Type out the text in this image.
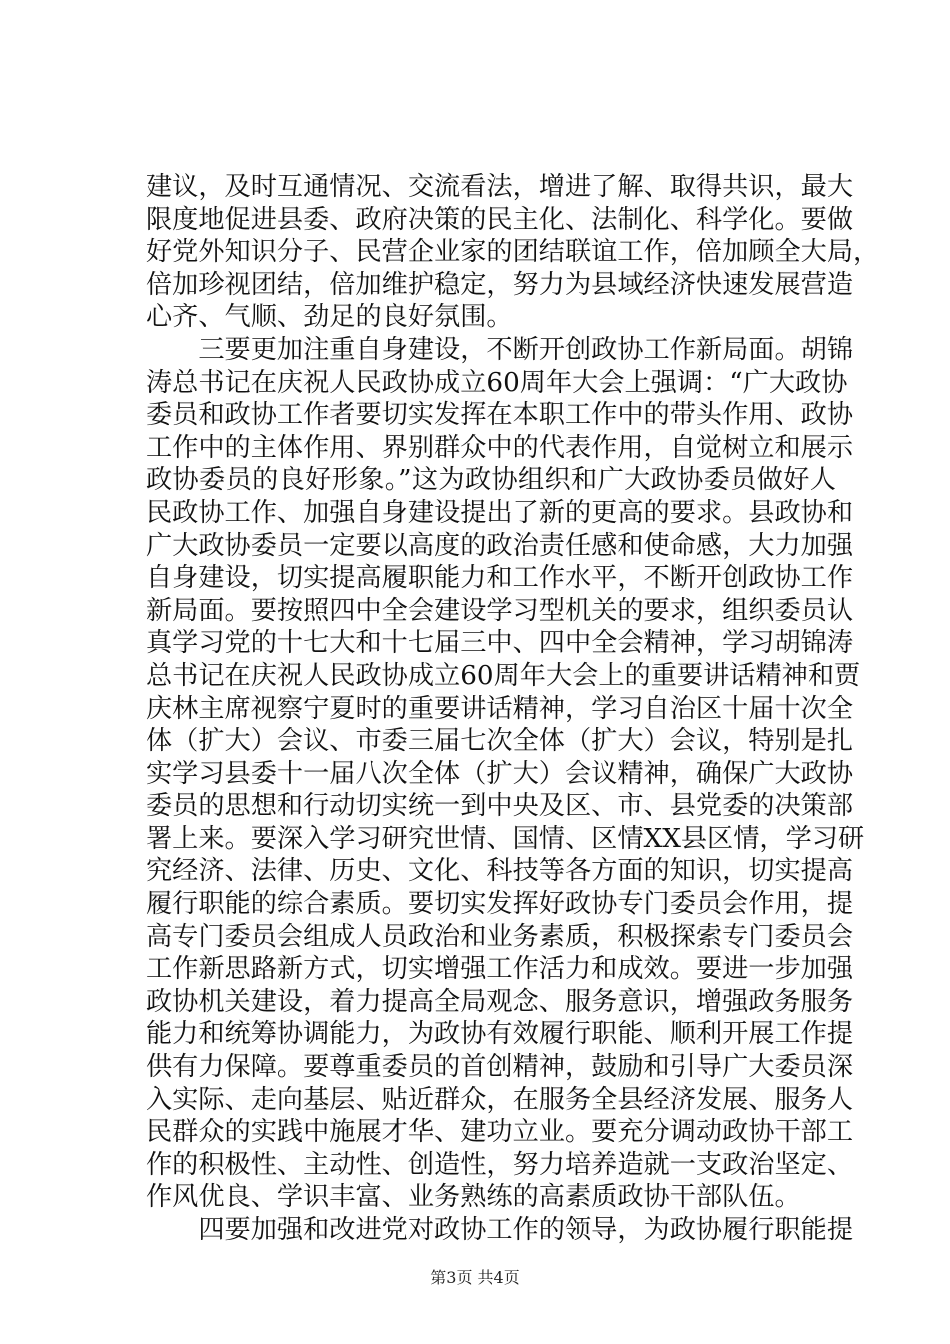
建议，及时互通情况、交流看法，增进了解、取得共识，最大
限度地促进县委、政府决策的民主化、法制化、科学化。要做
好党外知识分子、民营企业家的团结联谊工作，倍加顾全大局，
倍加珍视团结，倍加维护稳定，努力为县域经济快速发展营造
心齐、气顺、劲足的良好氛围。
　　三要更加注重自身建设，不断开创政协工作新局面。胡锦
涛总书记在庆祝人民政协成立60周年大会上强调：“广大政协
委员和政协工作者要切实发挥在本职工作中的带头作用、政协
工作中的主体作用、界别群众中的代表作用，自觉树立和展示
政协委员的良好形象。”这为政协组织和广大政协委员做好人
民政协工作、加强自身建设提出了新的更高的要求。县政协和
广大政协委员一定要以高度的政治责任感和使命感，大力加强
自身建设，切实提高履职能力和工作水平，不断开创政协工作
新局面。要按照四中全会建设学习型机关的要求，组织委员认
真学习党的十七大和十七届三中、四中全会精神，学习胡锦涛
总书记在庆祝人民政协成立60周年大会上的重要讲话精神和贾
庆林主席视察宁夏时的重要讲话精神，学习自治区十届十次全
体（扩大）会议、市委三届七次全体（扩大）会议，特别是扎
实学习县委十一届八次全体（扩大）会议精神，确保广大政协
委员的思想和行动切实统一到中央及区、市、县党委的决策部
署上来。要深入学习研究世情、国情、区情XX县区情，学习研
究经济、法律、历史、文化、科技等各方面的知识，切实提高
履行职能的综合素质。要切实发挥好政协专门委员会作用，提
高专门委员会组成人员政治和业务素质，积极探索专门委员会
工作新思路新方式，切实增强工作活力和成效。要进一步加强
政协机关建设，着力提高全局观念、服务意识，增强政务服务
能力和统筹协调能力，为政协有效履行职能、顺利开展工作提
供有力保障。要尊重委员的首创精神，鼓励和引导广大委员深
入实际、走向基层、贴近群众，在服务全县经济发展、服务人
民群众的实践中施展才华、建功立业。要充分调动政协干部工
作的积极性、主动性、创造性，努力培养造就一支政治坚定、
作风优良、学识丰富、业务熟练的高素质政协干部队伍。
　　四要加强和改进党对政协工作的领导，为政协履行职能提
第3页 共4页
